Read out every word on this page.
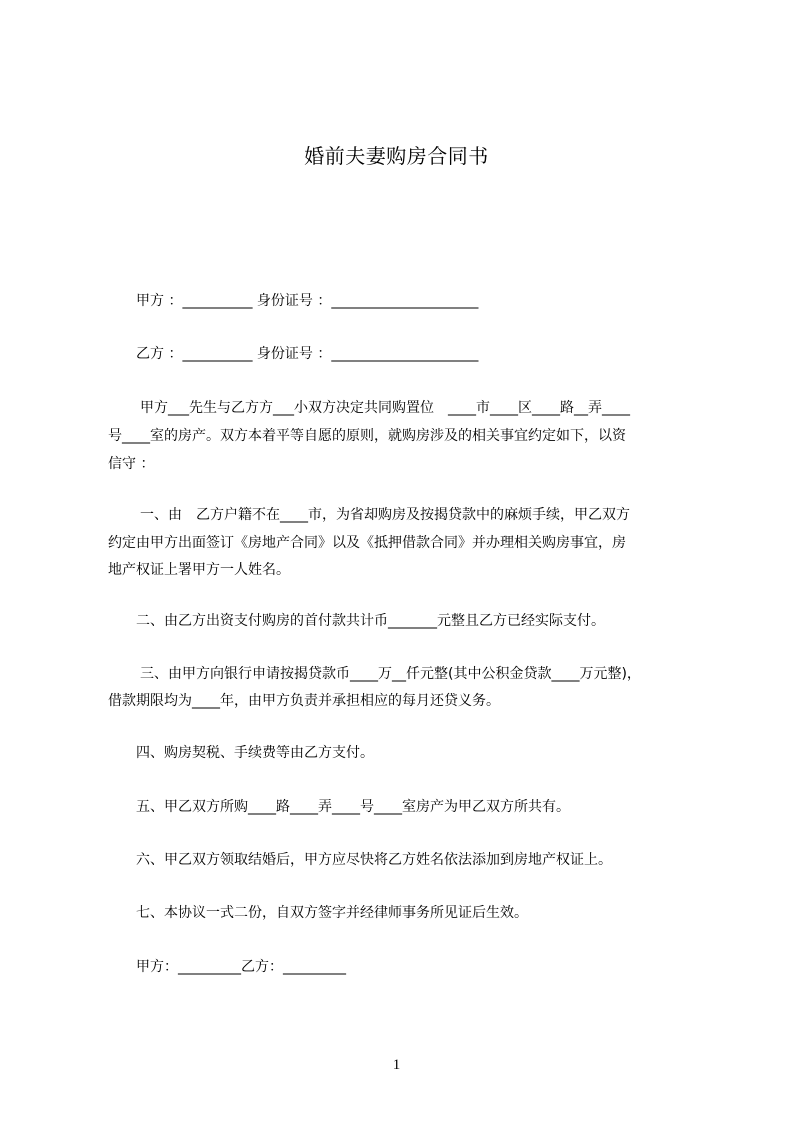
婚前夫妻购房合同书
甲方 ：__________ 身份证号 ：_____________________
乙方 ：__________ 身份证号 ：_____________________
甲方___先生与乙方方___小双方决定共同购置位　____市____区____路__弄____
号____室的房产。双方本着平等自愿的原则，就购房涉及的相关事宜约定如下，以资
信守 ：
一、由　乙方户籍不在____市，为省却购房及按揭贷款中的麻烦手续，甲乙双方
约定由甲方出面签订《房地产合同》以及《抵押借款合同》并办理相关购房事宜，房
地产权证上署甲方一人姓名。
二、由乙方出资支付购房的首付款共计币_______元整且乙方已经实际支付。
三、由甲方向银行申请按揭贷款币____万__仟元整(其中公积金贷款____万元整)，
借款期限均为____年，由甲方负责并承担相应的每月还贷义务。
四、购房契税、手续费等由乙方支付。
五、甲乙双方所购____路____弄____号____室房产为甲乙双方所共有。
六、甲乙双方领取结婚后，甲方应尽快将乙方姓名依法添加到房地产权证上。
七、本协议一式二份，自双方签字并经律师事务所见证后生效。
甲方：_________乙方：_________
1
